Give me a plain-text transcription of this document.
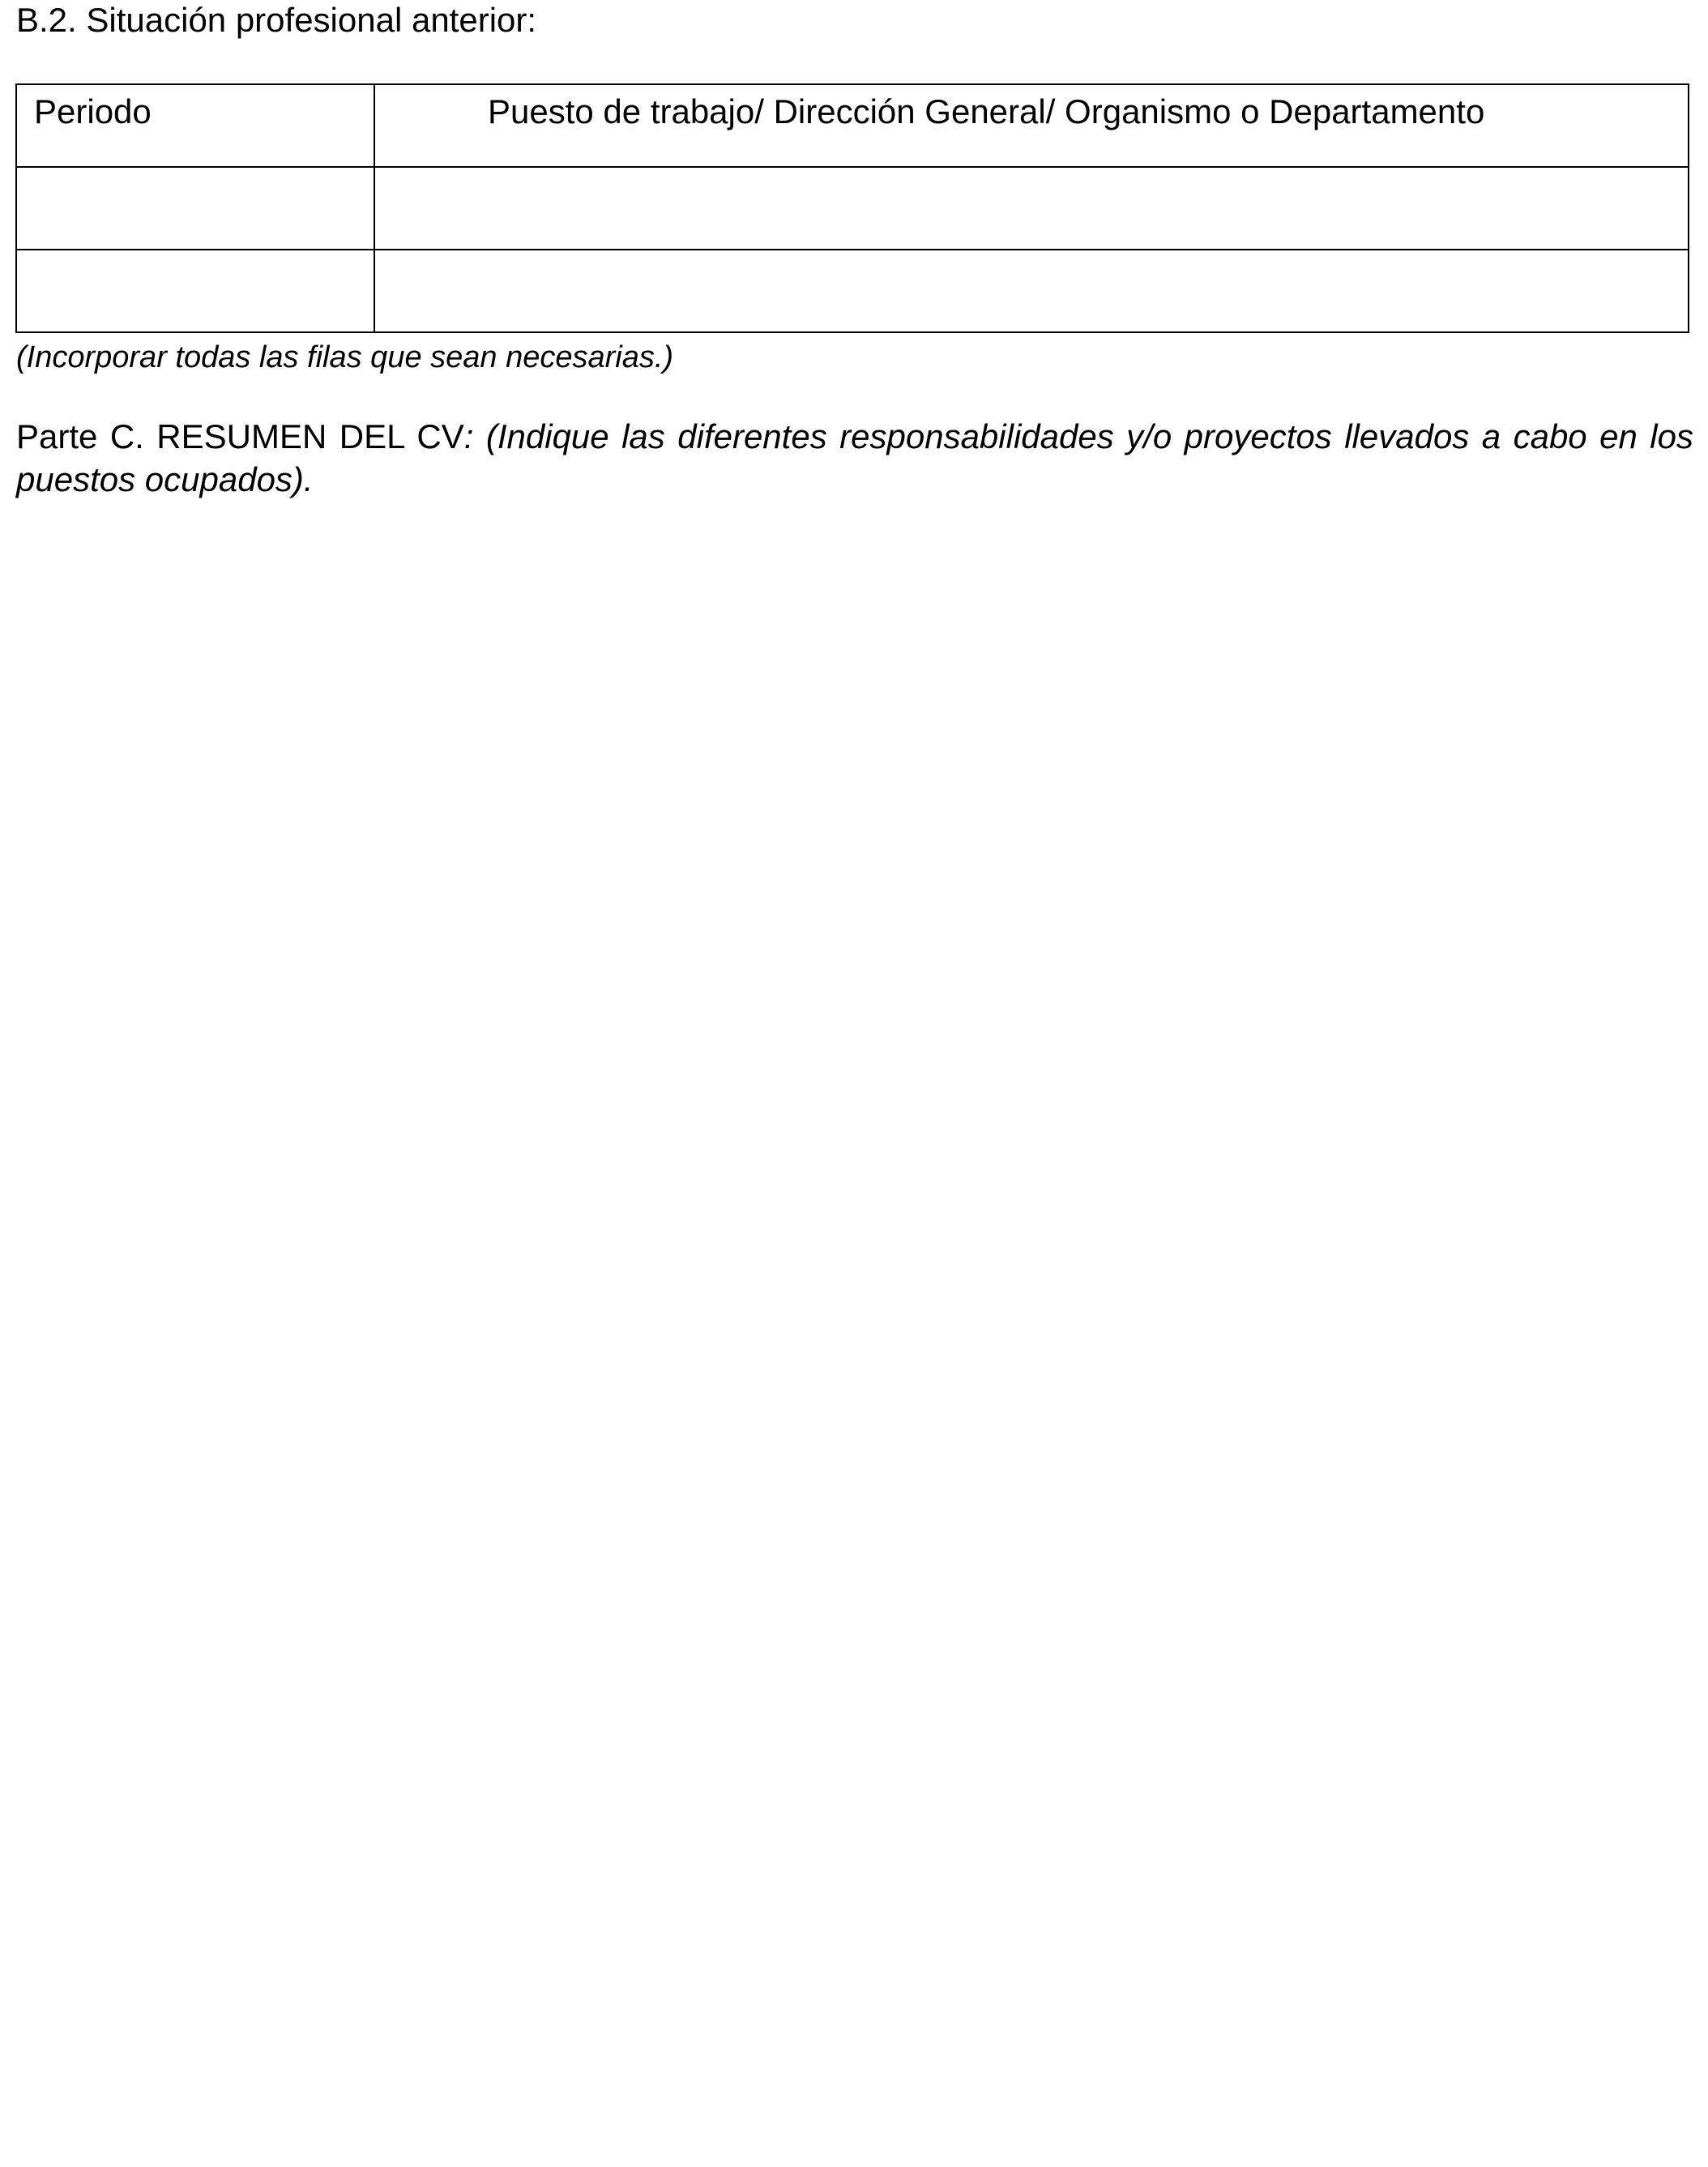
B.2. Situación profesional anterior:
Periodo	Puesto de trabajo/ Dirección General/ Organismo o Departamento

(Incorporar todas las filas que sean necesarias.)
Parte C. RESUMEN DEL CV: (Indique las diferentes responsabilidades y/o proyectos llevados a cabo en los puestos ocupados).
